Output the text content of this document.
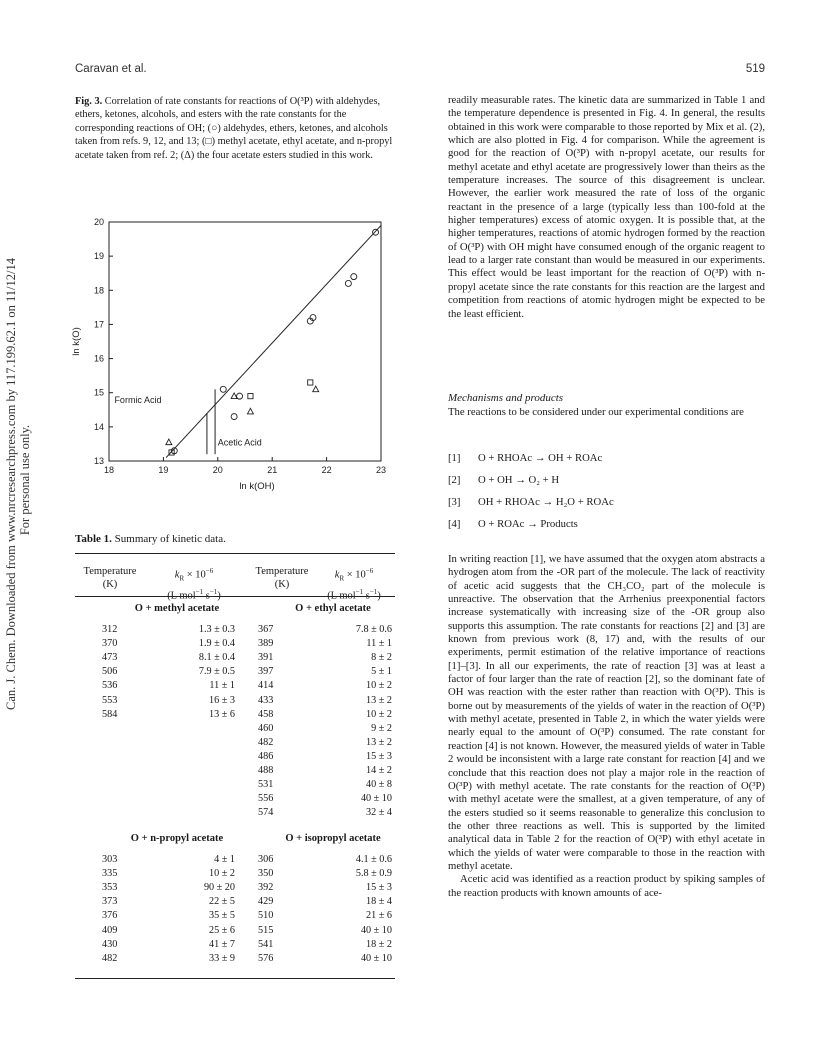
Can. J. Chem. Downloaded from www.nrcresearchpress.com by 117.199.62.1 on 11/12/14 For personal use only.
Caravan et al.	519
Fig. 3. Correlation of rate constants for reactions of O(³P) with aldehydes, ethers, ketones, alcohols, and esters with the rate constants for the corresponding reactions of OH; (○) aldehydes, ethers, ketones, and alcohols taken from refs. 9, 12, and 13; (□) methyl acetate, ethyl acetate, and n-propyl acetate taken from ref. 2; (Δ) the four acetate esters studied in this work.
18	19	20	21	22	23
13
14
15
16
17
18
19
20
ln k(OH)
ln k(O)
Formic Acid
Acetic Acid
Table 1. Summary of kinetic data.
Temperature
(K)
$k_R \times 10^{-6}$
(L mol$^{-1}$ $s^{-1}$)
Temperature
(K)
$k_R \times 10^{-6}$
(L mol$^{-1}$ $s^{-1}$)
O + methyl acetate
312	1.3 ± 0.3
370	1.9 ± 0.4
473	8.1 ± 0.4
506	7.9 ± 0.5
536	11 ± 1
553	16 ± 3
584	13 ± 6
O + ethyl acetate
367	7.8 ± 0.6
389	11 ± 1
391	8 ± 2
397	5 ± 1
414	10 ± 2
433	13 ± 2
458	10 ± 2
460	9 ± 2
482	13 ± 2
486	15 ± 3
488	14 ± 2
531	40 ± 8
556	40 ± 10
574	32 ± 4
O + n-propyl acetate
303	4 ± 1
335	10 ± 2
353	90 ± 20
373	22 ± 5
376	35 ± 5
409	25 ± 6
430	41 ± 7
482	33 ± 9
O + isopropyl acetate
306	4.1 ± 0.6
350	5.8 ± 0.9
392	15 ± 3
429	18 ± 4
510	21 ± 6
515	40 ± 10
541	18 ± 2
576	40 ± 10

readily measurable rates. The kinetic data are summarized in Table 1 and the temperature dependence is presented in Fig. 4. In general, the results obtained in this work were comparable to those reported by Mix et al. (2), which are also plotted in Fig. 4 for comparison. While the agreement is good for the reaction of O(³P) with n-propyl acetate, our results for methyl acetate and ethyl acetate are progressively lower than theirs as the temperature increases. The source of this disagreement is unclear. However, the earlier work measured the rate of loss of the organic reactant in the presence of a large (typically less than 100-fold at the higher temperatures) excess of atomic oxygen. It is possible that, at the higher temperatures, reactions of atomic hydrogen formed by the reaction of O(³P) with OH might have consumed enough of the organic reagent to lead to a larger rate constant than would be measured in our experiments. This effect would be least important for the reaction of O(³P) with n-propyl acetate since the rate constants for this reaction are the largest and competition from reactions of atomic hydrogen might be expected to be the least efficient.

Mechanisms and products
The reactions to be considered under our experimental conditions are
[1] O + RHOAc → OH + ROAc
[2] O + OH → O₂ + H
[3] OH + RHOAc → H₂O + ROAc
[4] O + ROAc → Products

In writing reaction [1], we have assumed that the oxygen atom abstracts a hydrogen atom from the -OR part of the molecule. The lack of reactivity of acetic acid suggests that the CH₃CO₂ part of the molecule is unreactive. The observation that the Arrhenius preexponential factors increase systematically with increasing size of the -OR group also supports this assumption. The rate constants for reactions [2] and [3] are known from previous work (8, 17) and, with the results of our experiments, permit estimation of the relative importance of reactions [1]–[3]. In all our experiments, the rate of reaction [3] was at least a factor of four larger than the rate of reaction [2], so the dominant fate of OH was reaction with the ester rather than reaction with O(³P). This is borne out by measurements of the yields of water in the reaction of O(³P) with methyl acetate, presented in Table 2, in which the water yields were nearly equal to the amount of O(³P) consumed. The rate constant for reaction [4] is not known. However, the measured yields of water in Table 2 would be inconsistent with a large rate constant for reaction [4] and we conclude that this reaction does not play a major role in the reaction of O(³P) with methyl acetate. The rate constants for the reaction of O(³P) with methyl acetate were the smallest, at a given temperature, of any of the esters studied so it seems reasonable to generalize this conclusion to the other three reactions as well. This is supported by the limited analytical data in Table 2 for the reaction of O(³P) with ethyl acetate in which the yields of water were comparable to those in the reaction with methyl acetate.

Acetic acid was identified as a reaction product by spiking samples of the reaction products with known amounts of ace-
